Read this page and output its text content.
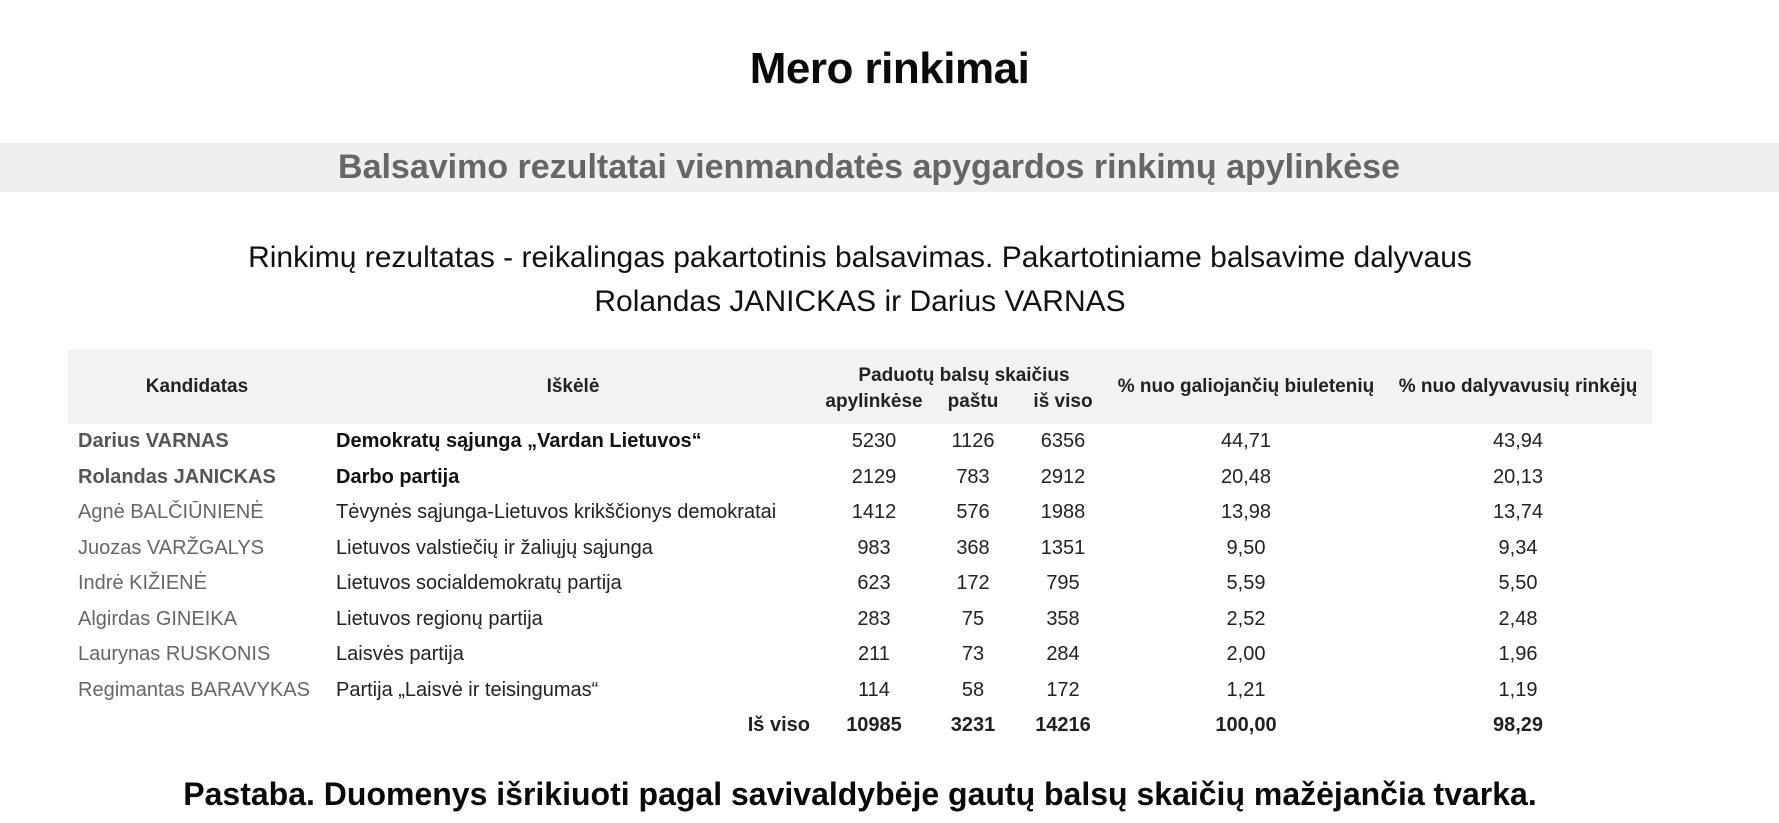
Mero rinkimai
Balsavimo rezultatai vienmandatės apygardos rinkimų apylinkėse
Rinkimų rezultatas - reikalingas pakartotinis balsavimas. Pakartotiniame balsavime dalyvaus
Rolandas JANICKAS ir Darius VARNAS
Kandidatas	Iškėlė	Paduotų balsų skaičius			% nuo galiojančių biuletenių	% nuo dalyvavusių rinkėjų
		apylinkėse	paštu	iš viso		
Darius VARNAS	Demokratų sąjunga „Vardan Lietuvos“	5230	1126	6356	44,71	43,94
Rolandas JANICKAS	Darbo partija	2129	783	2912	20,48	20,13
Agnė BALČIŪNIENĖ	Tėvynės sąjunga-Lietuvos krikščionys demokratai	1412	576	1988	13,98	13,74
Juozas VARŽGALYS	Lietuvos valstiečių ir žaliųjų sąjunga	983	368	1351	9,50	9,34
Indrė KIŽIENĖ	Lietuvos socialdemokratų partija	623	172	795	5,59	5,50
Algirdas GINEIKA	Lietuvos regionų partija	283	75	358	2,52	2,48
Laurynas RUSKONIS	Laisvės partija	211	73	284	2,00	1,96
Regimantas BARAVYKAS	Partija „Laisvė ir teisingumas“	114	58	172	1,21	1,19
	Iš viso	10985	3231	14216	100,00	98,29
Pastaba. Duomenys išrikiuoti pagal savivaldybėje gautų balsų skaičių mažėjančia tvarka.
